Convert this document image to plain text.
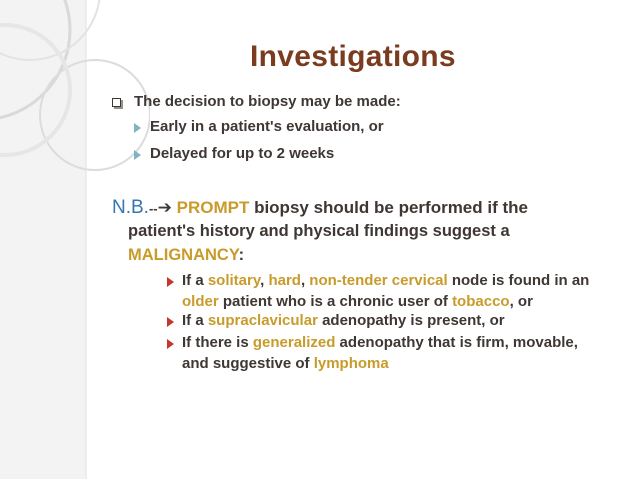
Investigations
The decision to biopsy may be made:
Early in a patient's evaluation, or
Delayed for up to 2 weeks
N.B.--➔ PROMPT biopsy should be performed if the
patient's history and physical findings suggest a
MALIGNANCY:
If a solitary, hard, non-tender cervical node is found in an
older patient who is a chronic user of tobacco, or
If a supraclavicular adenopathy is present, or
If there is generalized adenopathy that is firm, movable,
and suggestive of lymphoma
